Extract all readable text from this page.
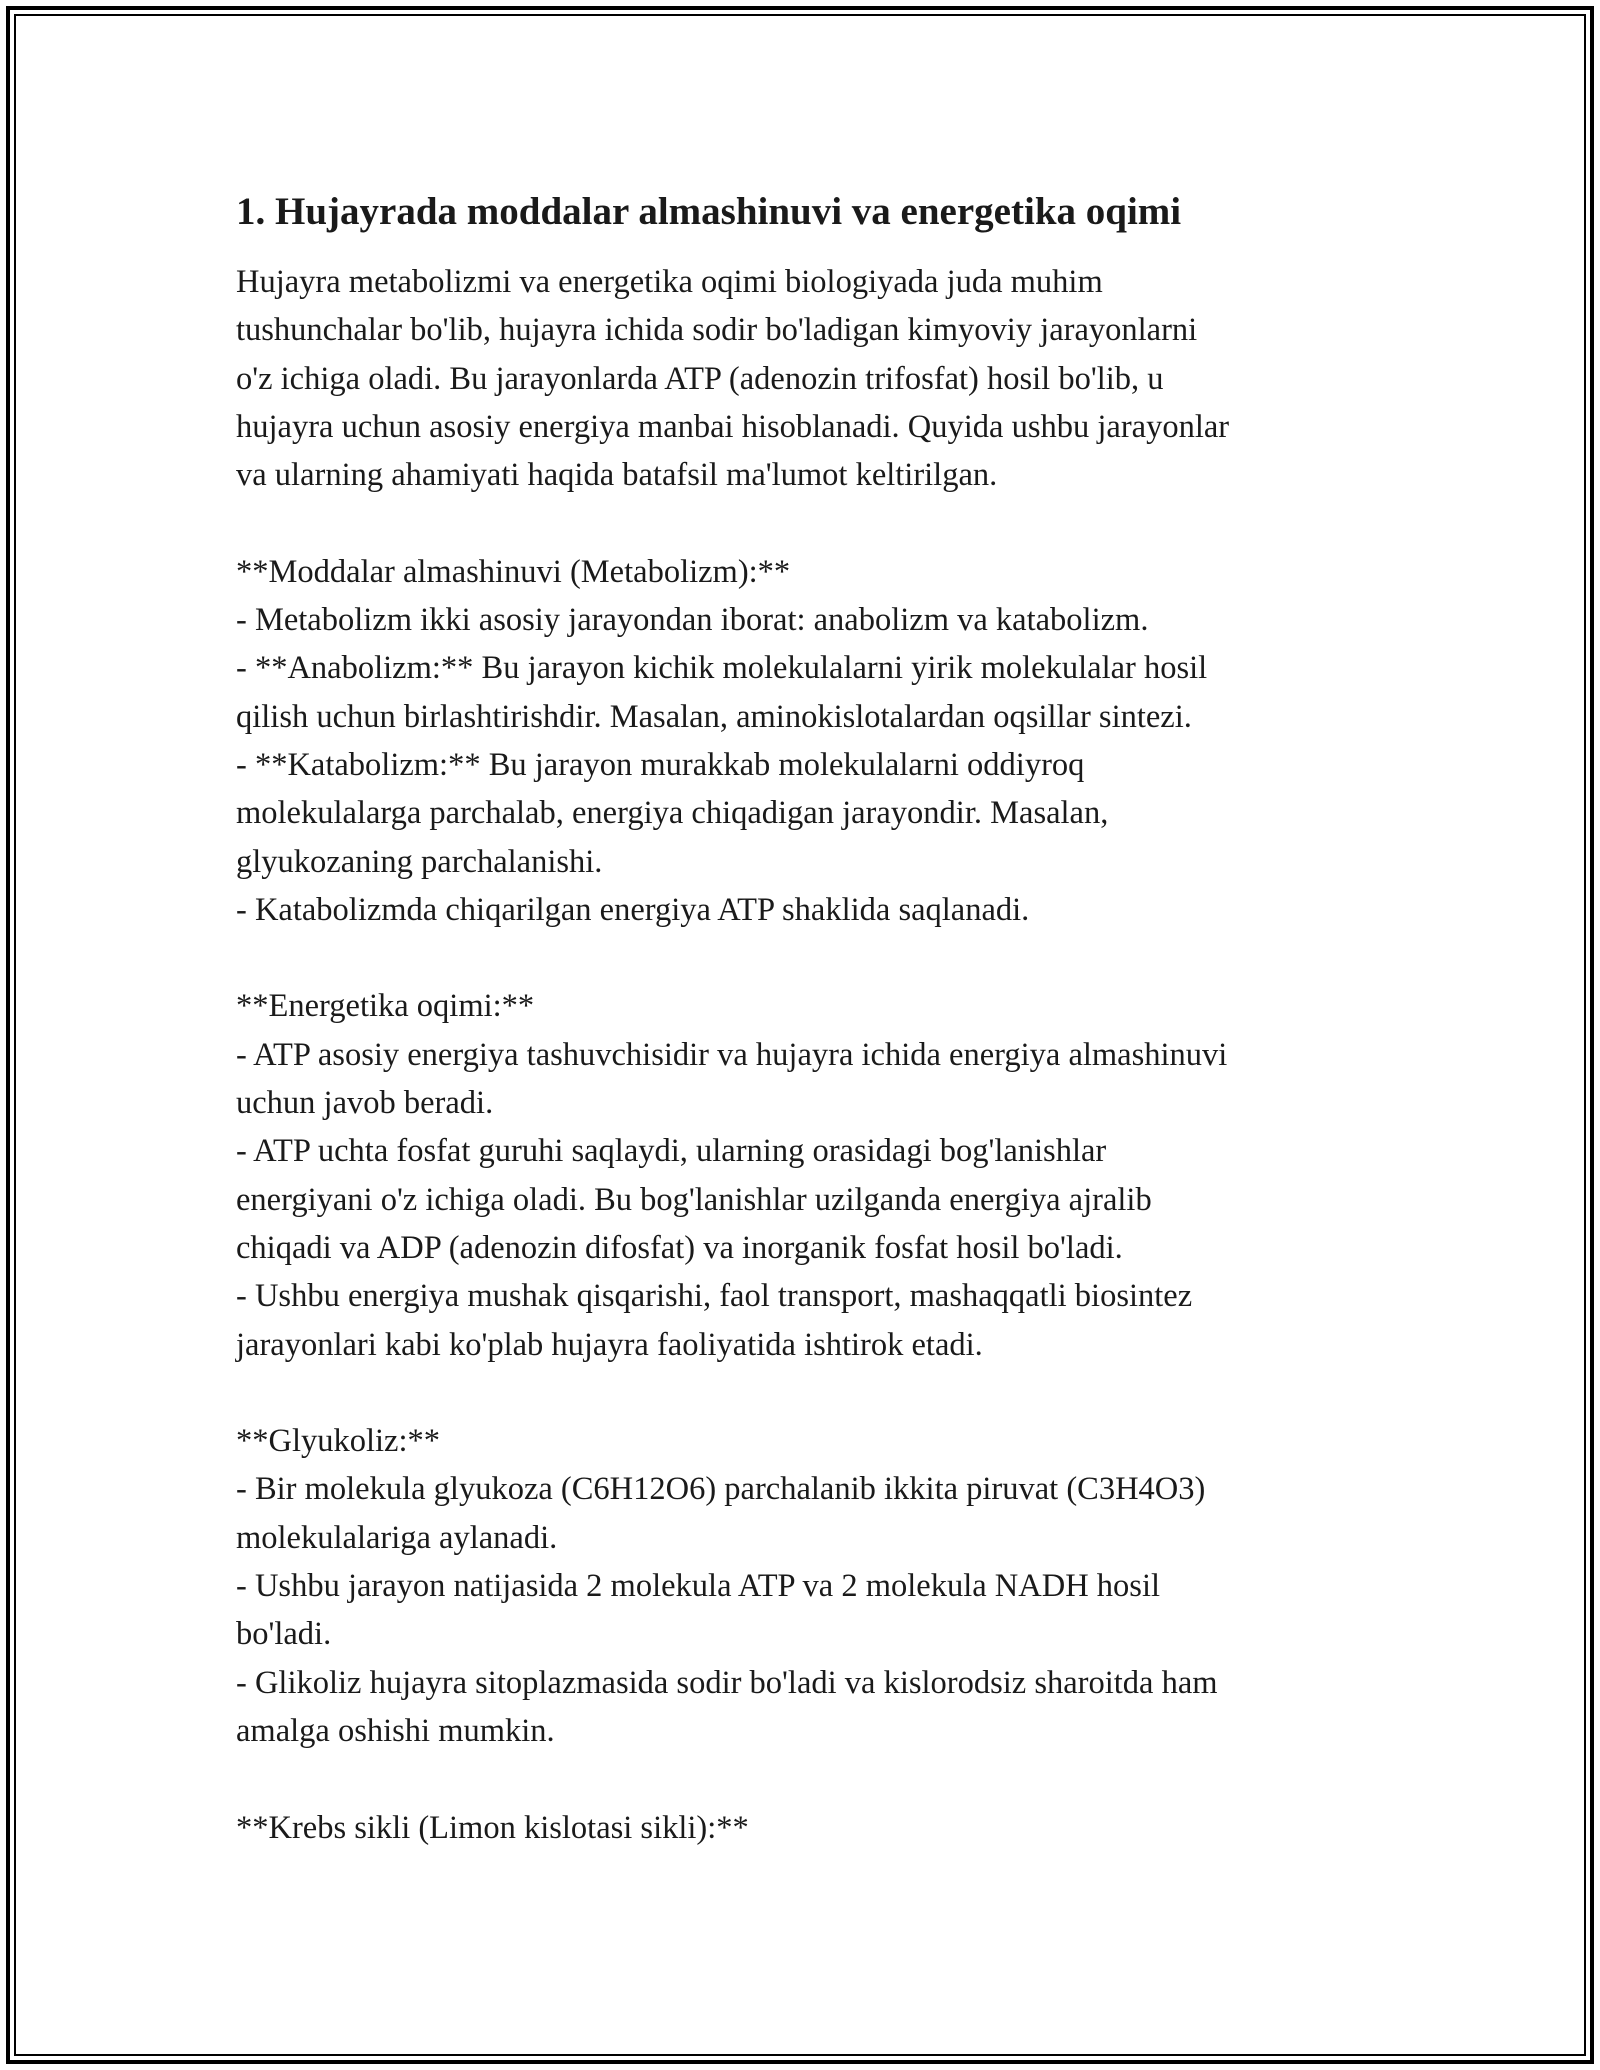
1. Hujayrada moddalar almashinuvi va energetika oqimi
Hujayra metabolizmi va energetika oqimi biologiyada juda muhim
tushunchalar bo'lib, hujayra ichida sodir bo'ladigan kimyoviy jarayonlarni
o'z ichiga oladi. Bu jarayonlarda ATP (adenozin trifosfat) hosil bo'lib, u
hujayra uchun asosiy energiya manbai hisoblanadi. Quyida ushbu jarayonlar
va ularning ahamiyati haqida batafsil ma'lumot keltirilgan.
**Moddalar almashinuvi (Metabolizm):**
- Metabolizm ikki asosiy jarayondan iborat: anabolizm va katabolizm.
- **Anabolizm:** Bu jarayon kichik molekulalarni yirik molekulalar hosil
qilish uchun birlashtirishdir. Masalan, aminokislotalardan oqsillar sintezi.
- **Katabolizm:** Bu jarayon murakkab molekulalarni oddiyroq
molekulalarga parchalab, energiya chiqadigan jarayondir. Masalan,
glyukozaning parchalanishi.
- Katabolizmda chiqarilgan energiya ATP shaklida saqlanadi.
**Energetika oqimi:**
- ATP asosiy energiya tashuvchisidir va hujayra ichida energiya almashinuvi
uchun javob beradi.
- ATP uchta fosfat guruhi saqlaydi, ularning orasidagi bog'lanishlar
energiyani o'z ichiga oladi. Bu bog'lanishlar uzilganda energiya ajralib
chiqadi va ADP (adenozin difosfat) va inorganik fosfat hosil bo'ladi.
- Ushbu energiya mushak qisqarishi, faol transport, mashaqqatli biosintez
jarayonlari kabi ko'plab hujayra faoliyatida ishtirok etadi.
**Glyukoliz:**
- Bir molekula glyukoza (C6H12O6) parchalanib ikkita piruvat (C3H4O3)
molekulalariga aylanadi.
- Ushbu jarayon natijasida 2 molekula ATP va 2 molekula NADH hosil
bo'ladi.
- Glikoliz hujayra sitoplazmasida sodir bo'ladi va kislorodsiz sharoitda ham
amalga oshishi mumkin.
**Krebs sikli (Limon kislotasi sikli):**
